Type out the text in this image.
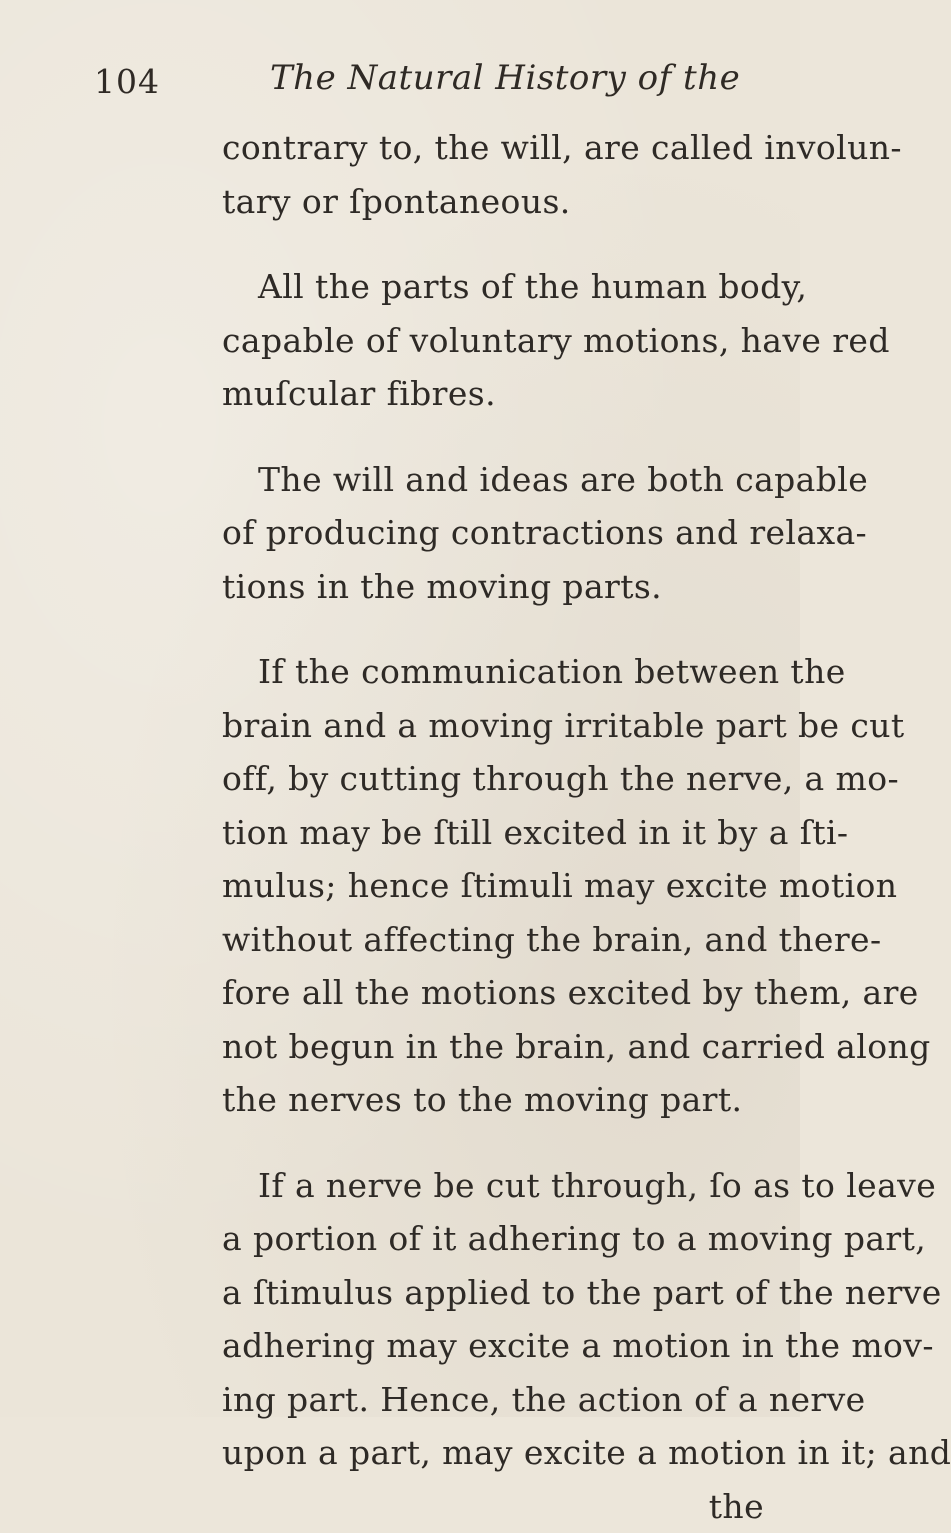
104	The Natural History of the
contrary to, the will, are called involun-
tary or ſpontaneous.
All the parts of the human body,
capable of voluntary motions, have red
muſcular fibres.
The will and ideas are both capable
of producing contractions and relaxa-
tions in the moving parts.
If the communication between the
brain and a moving irritable part be cut
off, by cutting through the nerve, a mo-
tion may be ſtill excited in it by a ſti-
mulus; hence ſtimuli may excite motion
without affecting the brain, and there-
fore all the motions excited by them, are
not begun in the brain, and carried along
the nerves to the moving part.
If a nerve be cut through, ſo as to leave
a portion of it adhering to a moving part,
a ſtimulus applied to the part of the nerve
adhering may excite a motion in the mov-
ing part. Hence, the action of a nerve
upon a part, may excite a motion in it; and
the
